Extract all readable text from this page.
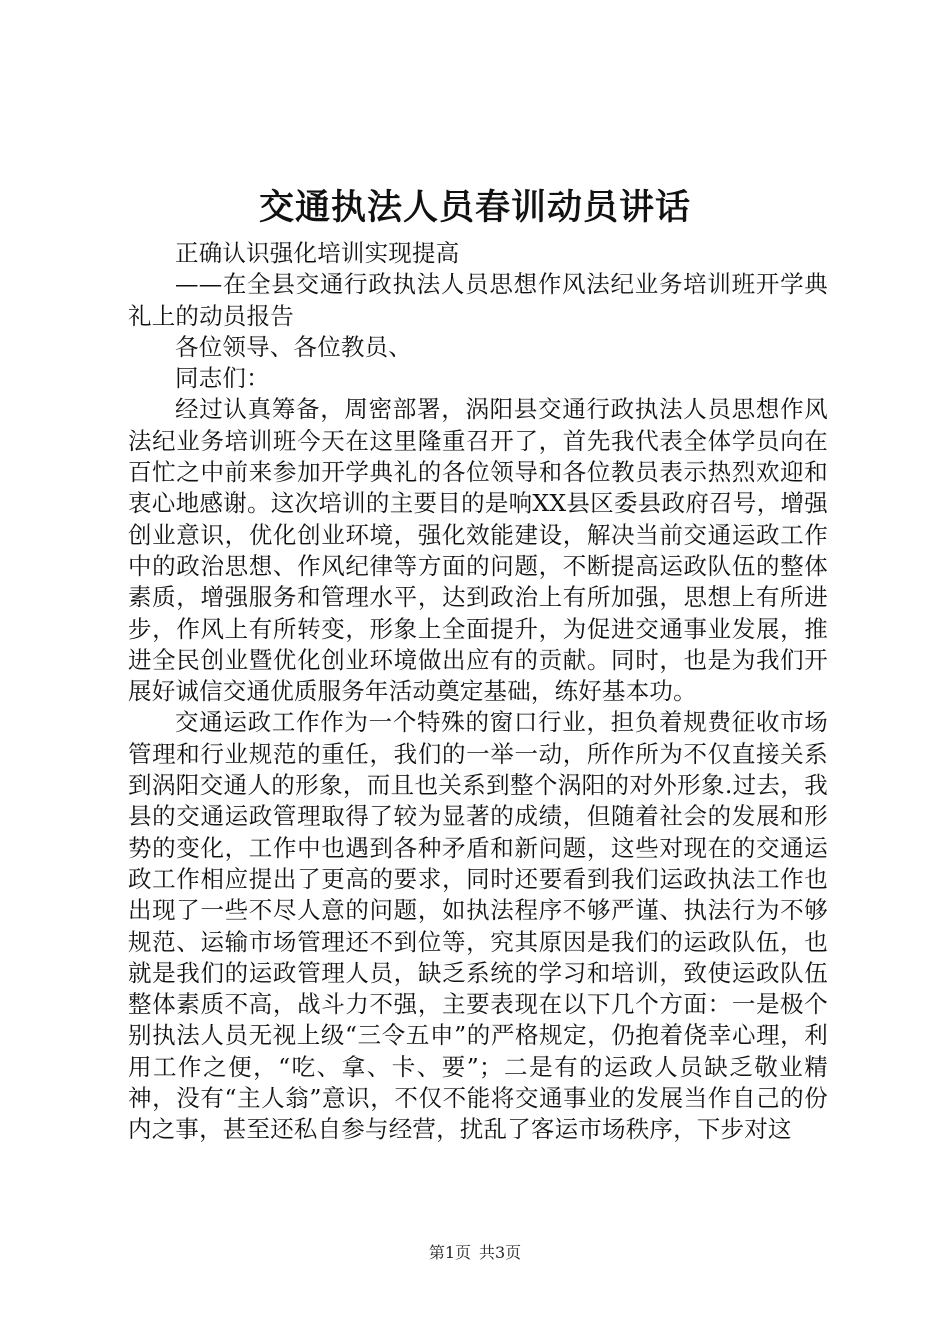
交通执法人员春训动员讲话

正确认识强化培训实现提高

——在全县交通行政执法人员思想作风法纪业务培训班开学典礼上的动员报告

各位领导、各位教员、

同志们：

经过认真筹备，周密部署，涡阳县交通行政执法人员思想作风法纪业务培训班今天在这里隆重召开了，首先我代表全体学员向在百忙之中前来参加开学典礼的各位领导和各位教员表示热烈欢迎和衷心地感谢。这次培训的主要目的是响XX县区委县政府召号，增强创业意识，优化创业环境，强化效能建设，解决当前交通运政工作中的政治思想、作风纪律等方面的问题，不断提高运政队伍的整体素质，增强服务和管理水平，达到政治上有所加强，思想上有所进步，作风上有所转变，形象上全面提升，为促进交通事业发展，推进全民创业暨优化创业环境做出应有的贡献。同时，也是为我们开展好诚信交通优质服务年活动奠定基础，练好基本功。

交通运政工作作为一个特殊的窗口行业，担负着规费征收市场管理和行业规范的重任，我们的一举一动，所作所为不仅直接关系到涡阳交通人的形象，而且也关系到整个涡阳的对外形象.过去，我县的交通运政管理取得了较为显著的成绩，但随着社会的发展和形势的变化，工作中也遇到各种矛盾和新问题，这些对现在的交通运政工作相应提出了更高的要求，同时还要看到我们运政执法工作也出现了一些不尽人意的问题，如执法程序不够严谨、执法行为不够规范、运输市场管理还不到位等，究其原因是我们的运政队伍，也就是我们的运政管理人员，缺乏系统的学习和培训，致使运政队伍整体素质不高，战斗力不强，主要表现在以下几个方面：一是极个别执法人员无视上级“三令五申”的严格规定，仍抱着侥幸心理，利用工作之便，“吃、拿、卡、要”；二是有的运政人员缺乏敬业精神，没有“主人翁”意识，不仅不能将交通事业的发展当作自己的份内之事，甚至还私自参与经营，扰乱了客运市场秩序，下步对这

第1页 共3页
